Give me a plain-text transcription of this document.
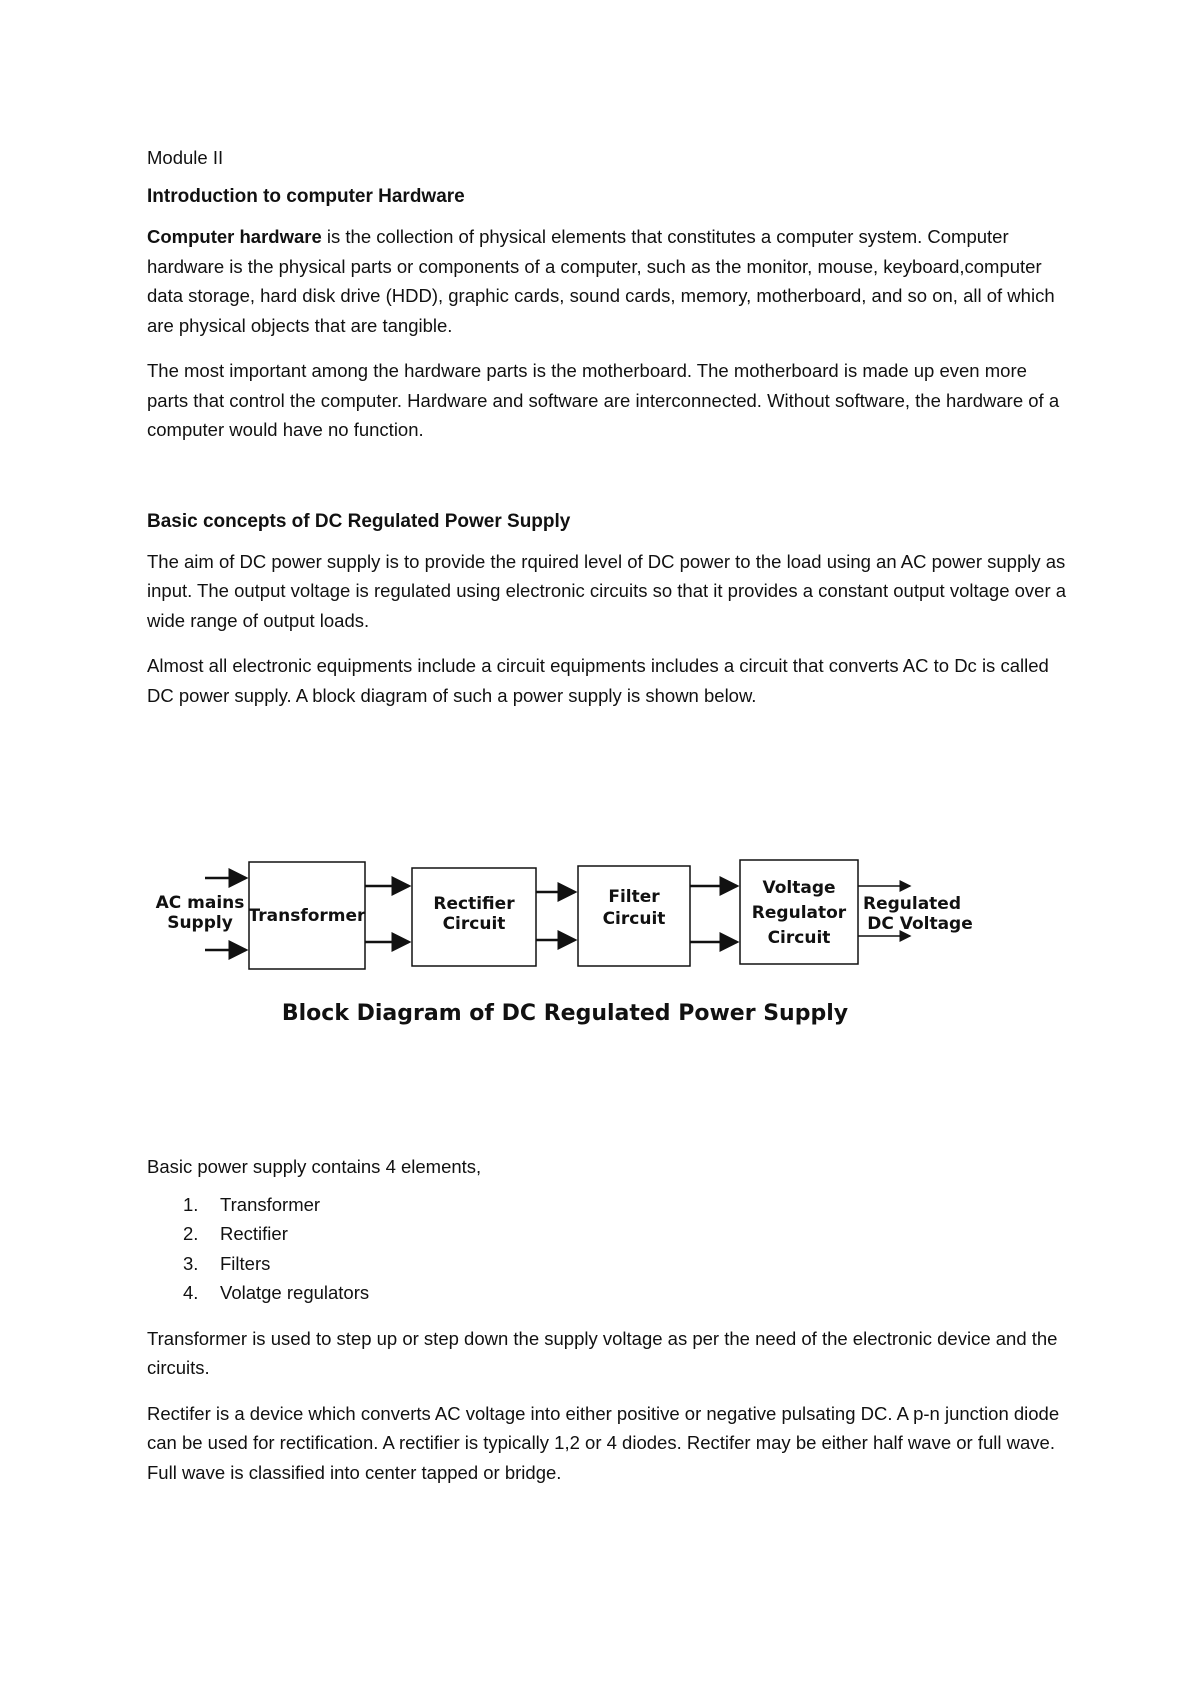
Module II

Introduction to computer Hardware

Computer hardware is the collection of physical elements that constitutes a computer system. Computer hardware is the physical parts or components of a computer, such as the monitor, mouse, keyboard,computer data storage, hard disk drive (HDD), graphic cards, sound cards, memory, motherboard, and so on, all of which are physical objects that are tangible.

The most important among the hardware parts is the motherboard. The motherboard is made up even more parts that control the computer. Hardware and software are interconnected. Without software, the hardware of a computer would have no function.

Basic concepts of DC Regulated Power Supply

The aim of DC power supply is to provide the rquired level of DC power to the load using an AC power supply as input. The output voltage is regulated using electronic circuits so that it provides a constant output voltage over a wide range of output loads.

Almost all electronic equipments include a circuit equipments includes a circuit that converts AC to Dc is called DC power supply. A block diagram of such a power supply is shown below.

AC mains
Supply Transformer
Rectifier
Circuit
Filter
Circuit
Voltage
Regulator
Circuit
Regulated
DC Voltage
Block Diagram of DC Regulated Power Supply

Basic power supply contains 4 elements,

1.	Transformer
2.	Rectifier
3.	Filters
4.	Volatge regulators

Transformer is used to step up or step down the supply voltage as per the need of the electronic device and the circuits.

Rectifer is a device which converts AC voltage into either positive or negative pulsating DC. A p-n junction diode can be used for rectification. A rectifier is typically 1,2 or 4 diodes. Rectifer may be either half wave or full wave. Full wave is classified into center tapped or bridge.
